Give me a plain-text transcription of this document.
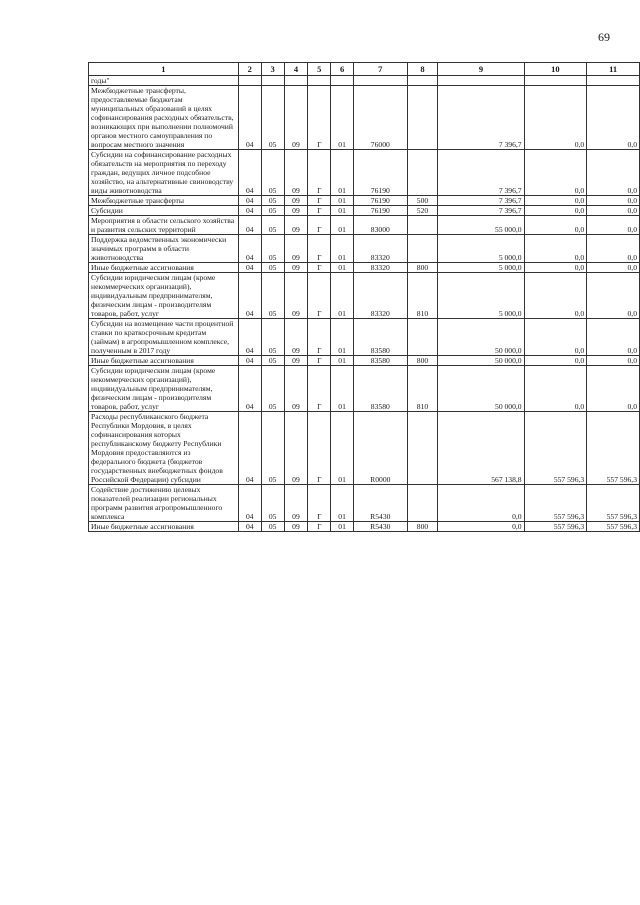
69
1	2	3	4	5	6	7	8	9	10	11
годы"										
Межбюджетные трансферты, предоставляемые бюджетам муниципальных образований в целях софинансирования расходных обязательств, возникающих при выполнении полномочий органов местного самоуправления по вопросам местного значения	04	05	09	Г	01	76000		7 396,7	0,0	0,0
Субсидии на софинансирование расходных обязательств на мероприятия по переходу граждан, ведущих личное подсобное хозяйство, на альтернативные свиноводству виды животноводства	04	05	09	Г	01	76190		7 396,7	0,0	0,0
Межбюджетные трансферты	04	05	09	Г	01	76190	500	7 396,7	0,0	0,0
Субсидии	04	05	09	Г	01	76190	520	7 396,7	0,0	0,0
Мероприятия в области сельского хозяйства и развития сельских территорий	04	05	09	Г	01	83000		55 000,0	0,0	0,0
Поддержка ведомственных экономически значимых программ в области животноводства	04	05	09	Г	01	83320		5 000,0	0,0	0,0
Иные бюджетные ассигнования	04	05	09	Г	01	83320	800	5 000,0	0,0	0,0
Субсидии юридическим лицам (кроме некоммерческих организаций), индивидуальным предпринимателям, физическим лицам - производителям товаров, работ, услуг	04	05	09	Г	01	83320	810	5 000,0	0,0	0,0
Субсидии на возмещение части процентной ставки по краткосрочным кредитам (займам) в агропромышленном комплексе, полученным в 2017 году	04	05	09	Г	01	83580		50 000,0	0,0	0,0
Иные бюджетные ассигнования	04	05	09	Г	01	83580	800	50 000,0	0,0	0,0
Субсидии юридическим лицам (кроме некоммерческих организаций), индивидуальным предпринимателям, физическим лицам - производителям товаров, работ, услуг	04	05	09	Г	01	83580	810	50 000,0	0,0	0,0
Расходы республиканского бюджета Республики Мордовия, в целях софинансирования которых республиканскому бюджету Республики Мордовия предоставляются из федерального бюджета (бюджетов государственных внебюджетных фондов Российской Федерации) субсидии	04	05	09	Г	01	R0000		567 138,8	557 596,3	557 596,3
Содействие достижению целевых показателей реализации региональных программ развития агропромышленного комплекса	04	05	09	Г	01	R5430		0,0	557 596,3	557 596,3
Иные бюджетные ассигнования	04	05	09	Г	01	R5430	800	0,0	557 596,3	557 596,3
